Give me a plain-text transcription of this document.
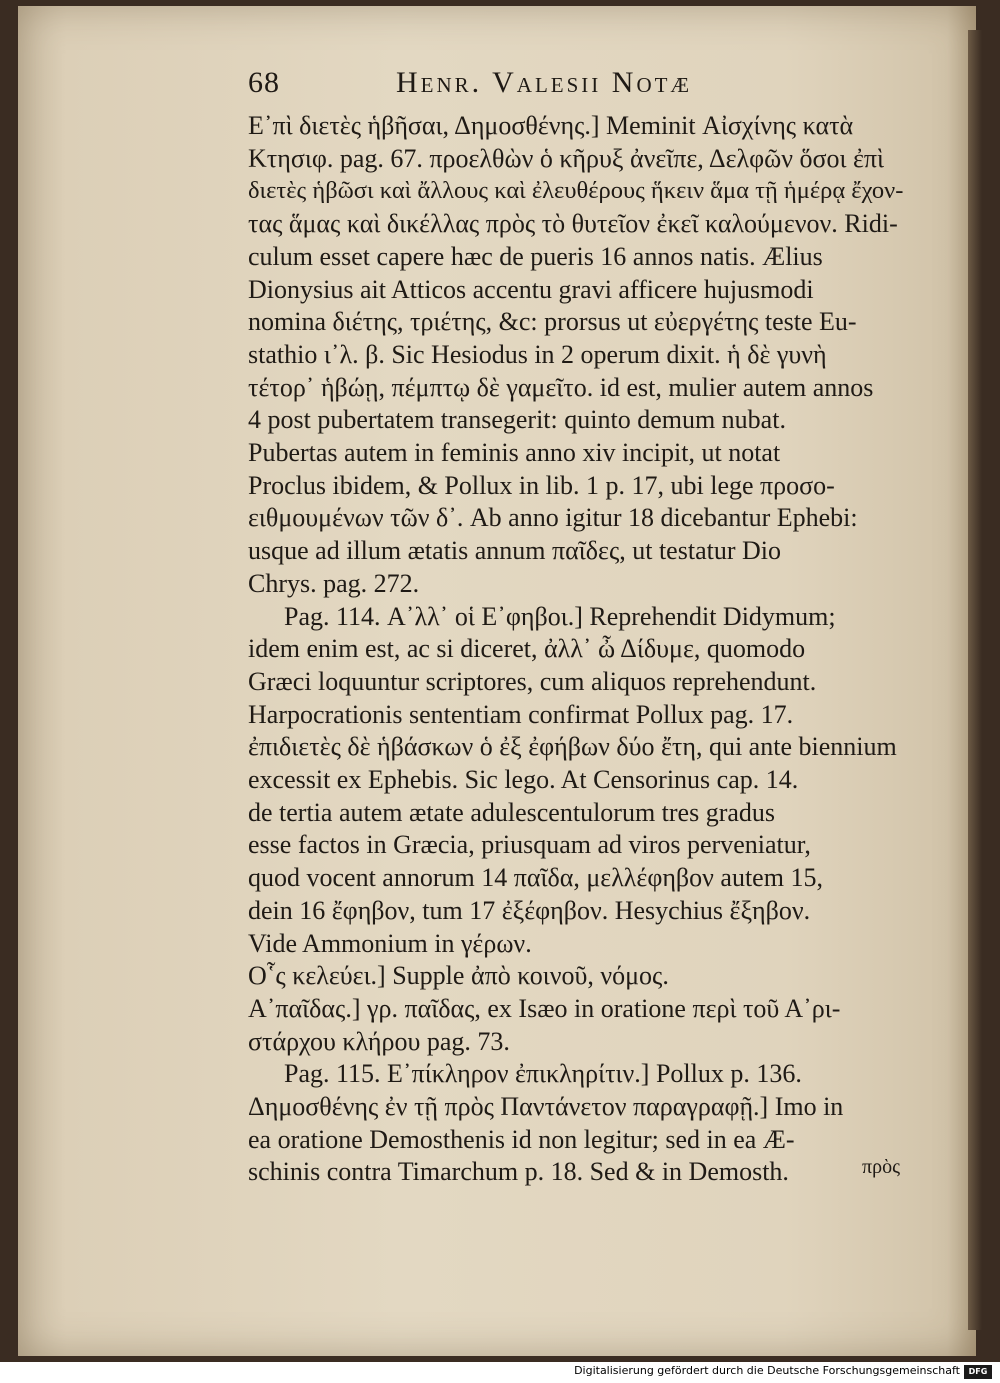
68	Henr. Valesii Notæ
Ε᾿πὶ διετὲς ἡβῆσαι, Δημοσθένης.] Meminit Αἰσχίνης κατὰ
Κτησιφ. pag. 67. προελθὼν ὁ κῆρυξ ἀνεῖπε, Δελφῶν ὅσοι ἐπὶ
διετὲς ἡβῶσι καὶ ἄλλους καὶ ἐλευθέρους ἥκειν ἅμα τῇ ἡμέρᾳ ἔχον-
τας ἅμας καὶ δικέλλας πρὸς τὸ θυτεῖον ἐκεῖ καλούμενον. Ridi-
culum esset capere hæc de pueris 16 annos natis. Ælius
Dionysius ait Atticos accentu gravi afficere hujusmodi
nomina διέτης, τριέτης, &c: prorsus ut εὐεργέτης teste Eu-
stathio ι᾿λ. β. Sic Hesiodus in 2 operum dixit. ἡ δὲ γυνὴ
τέτορ᾿ ἡβώῃ, πέμπτῳ δὲ γαμεῖτο. id est, mulier autem annos
4 post pubertatem transegerit: quinto demum nubat.
Pubertas autem in feminis anno xiv incipit, ut notat
Proclus ibidem, & Pollux in lib. 1 p. 17, ubi lege προσο-
ειθμουμένων τῶν δ᾿. Ab anno igitur 18 dicebantur Ephebi:
usque ad illum ætatis annum παῖδες, ut testatur Dio
Chrys. pag. 272.
Pag. 114. Α᾿λλ᾿ οἱ Ε᾿φηβοι.] Reprehendit Didymum;
idem enim est, ac si diceret, ἀλλ᾿ ὦ Δίδυμε, quomodo
Græci loquuntur scriptores, cum aliquos reprehendunt.
Harpocrationis sententiam confirmat Pollux pag. 17.
ἐπιδιετὲς δὲ ἡβάσκων ὁ ἐξ ἐφήβων δύο ἔτη, qui ante biennium
excessit ex Ephebis. Sic lego. At Censorinus cap. 14.
de tertia autem ætate adulescentulorum tres gradus
esse factos in Græcia, priusquam ad viros perveniatur,
quod vocent annorum 14 παῖδα, μελλέφηβον autem 15,
dein 16 ἔφηβον, tum 17 ἐξέφηβον. Hesychius ἔξηβον.
Vide Ammonium in γέρων.
Ο῟ς κελεύει.] Supple ἀπὸ κοινοῦ, νόμος.
Α᾿παῖδας.] γρ. παῖδας, ex Isæo in oratione περὶ τοῦ Α᾿ρι-
στάρχου κλήρου pag. 73.
Pag. 115. Ε᾿πίκληρον ἐπικληρίτιν.] Pollux p. 136.
Δημοσθένης ἐν τῇ πρὸς Παντάνετον παραγραφῇ.] Imo in
ea oratione Demosthenis id non legitur; sed in ea Æ-
schinis contra Timarchum p. 18. Sed & in Demosth.	πρὸς
Digitalisierung gefördert durch die Deutsche Forschungsgemeinschaft	DFG
